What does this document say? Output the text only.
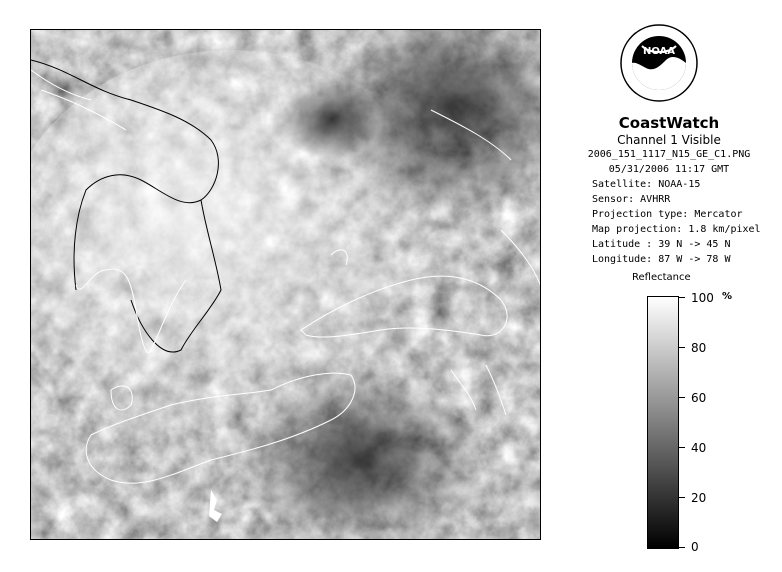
NOAA
CoastWatch
Channel 1 Visible
2006_151_1117_N15_GE_C1.PNG
05/31/2006 11:17 GMT
Satellite: NOAA-15
Sensor: AVHRR
Projection type: Mercator
Map projection: 1.8 km/pixel
Latitude : 39 N -> 45 N
Longitude: 87 W -> 78 W
Reflectance
%
100
80
60
40
20
0
